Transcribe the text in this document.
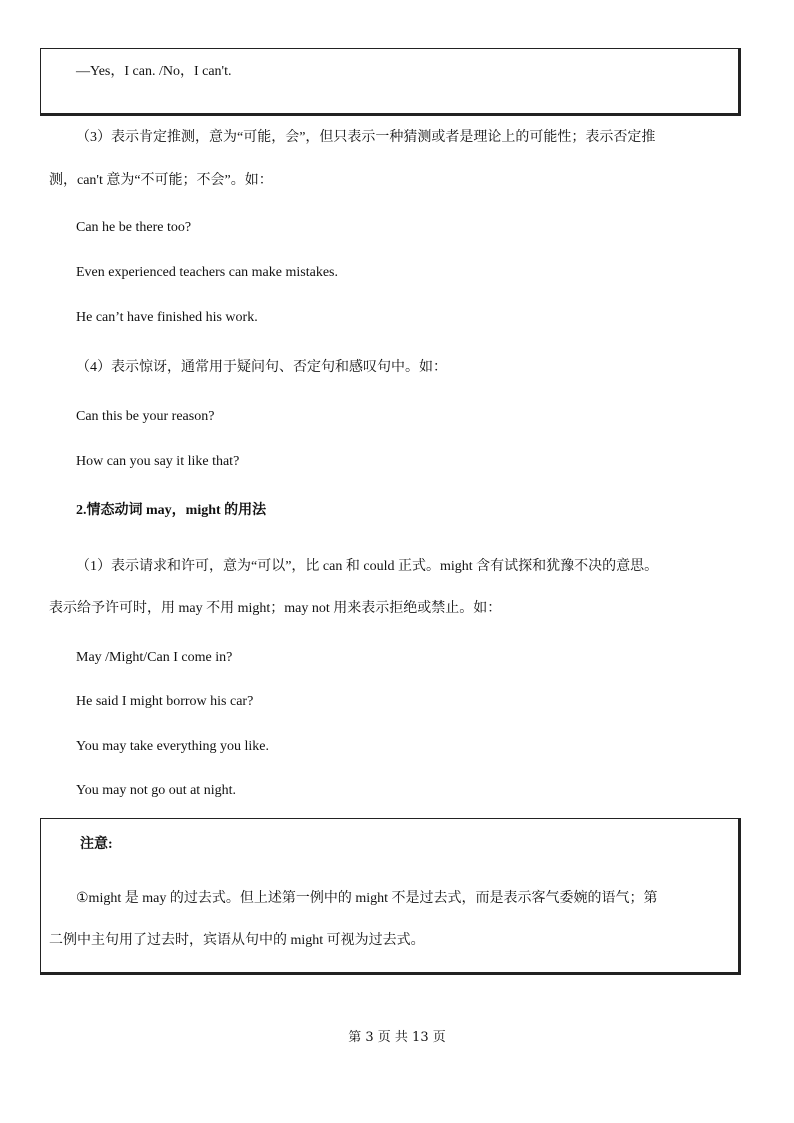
—Yes，I can. /No，I can't.
（3）表示肯定推测，意为“可能，会”，但只表示一种猜测或者是理论上的可能性；表示否定推
测，can't 意为“不可能；不会”。如：
Can he be there too?
Even experienced teachers can make mistakes.
He can’t have finished his work.
（4）表示惊讶，通常用于疑问句、否定句和感叹句中。如：
Can this be your reason?
How can you say it like that?
2.情态动词 may，might 的用法
（1）表示请求和许可，意为“可以”，比 can 和 could 正式。might 含有试探和犹豫不决的意思。
表示给予许可时，用 may 不用 might；may not 用来表示拒绝或禁止。如：
May /Might/Can I come in?
He said I might borrow his car?
You may take everything you like.
You may not go out at night.
注意:
①might 是 may 的过去式。但上述第一例中的 might 不是过去式，而是表示客气委婉的语气；第
二例中主句用了过去时，宾语从句中的 might 可视为过去式。
第 3 页 共 13 页
